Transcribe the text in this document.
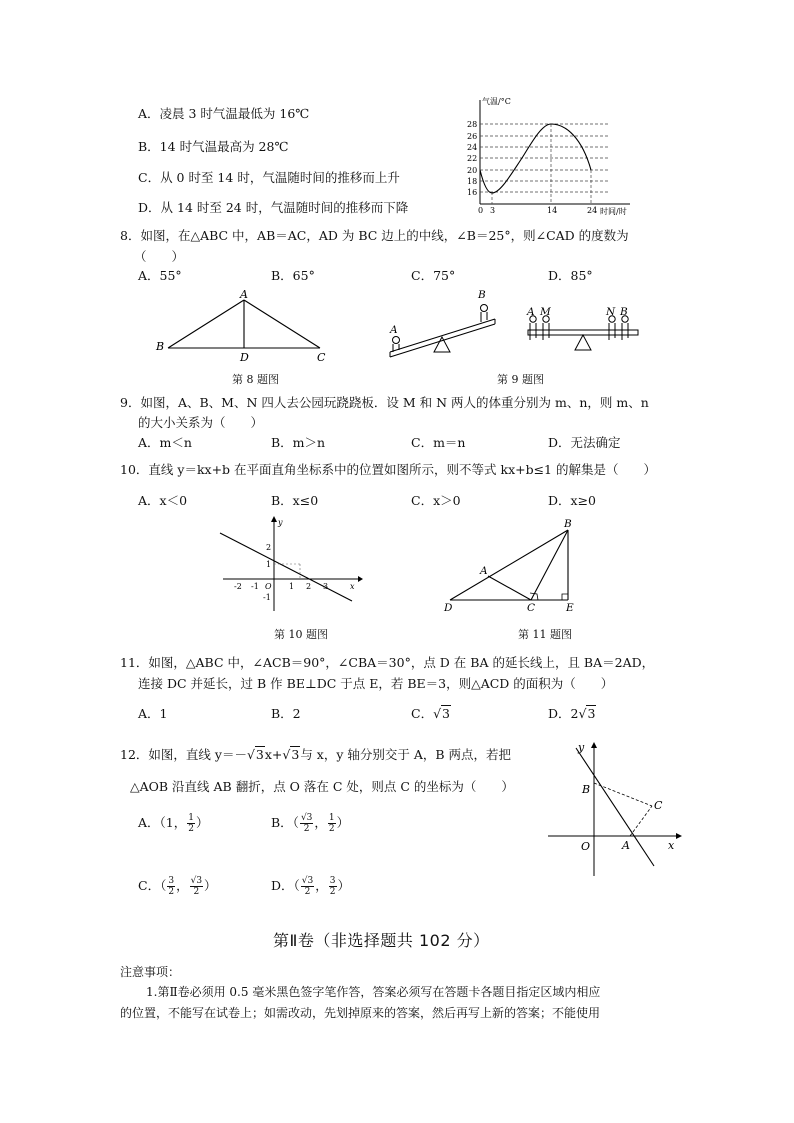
A．凌晨 3 时气温最低为 16℃
B．14 时气温最高为 28℃
C．从 0 时至 14 时，气温随时间的推移而上升
D．从 14 时至 24 时，气温随时间的推移而下降
气温/°C
时间/时
28
26
24
22
20
18
16
0 3	14	24
8．如图，在△ABC 中，AB＝AC，AD 为 BC 边上的中线，∠B＝25°，则∠CAD 的度数为
（　　）
A．55°	B．65°	C．75°	D．85°
A
B
D	C
第 8 题图
A
B
A M	N B
第 9 题图
9．如图，A、B、M、N 四人去公园玩跷跷板．设 M 和 N 两人的体重分别为 m、n，则 m、n
的大小关系为（　　）
A．m＜n	B．m＞n	C．m＝n	D．无法确定
10．直线 y＝kx+b 在平面直角坐标系中的位置如图所示，则不等式 kx+b≤1 的解集是（　　）
A．x＜0	B．x≤0	C．x＞0	D．x≥0
y
x
O
-2 -1	1 2 3
2
1
-1
第 10 题图
B
A
D	C	E
第 11 题图
11．如图，△ABC 中，∠ACB＝90°，∠CBA＝30°，点 D 在 BA 的延长线上，且 BA＝2AD，
连接 DC 并延长，过 B 作 BE⊥DC 于点 E，若 BE＝3，则△ACD 的面积为（　　）
A．1	B．2	C．√3	D．2√3
12．如图，直线 y＝－√3x+√3与 x，y 轴分别交于 A，B 两点，若把
△AOB 沿直线 AB 翻折，点 O 落在 C 处，则点 C 的坐标为（　　）
A．（1， $\frac{1}{2}$ ）	B．（ $\frac{√3}{2}$ ， $\frac{1}{2}$ ）
C．（ $\frac{3}{2}$ ， $\frac{√3}{2}$ ）	D．（ $\frac{√3}{2}$ ， $\frac{3}{2}$ ）
y
B
C
O	A	x
第Ⅱ卷（非选择题共 102 分）
注意事项：
1.第Ⅱ卷必须用 0.5 毫米黑色签字笔作答，答案必须写在答题卡各题目指定区域内相应
的位置，不能写在试卷上；如需改动，先划掉原来的答案，然后再写上新的答案；不能使用
